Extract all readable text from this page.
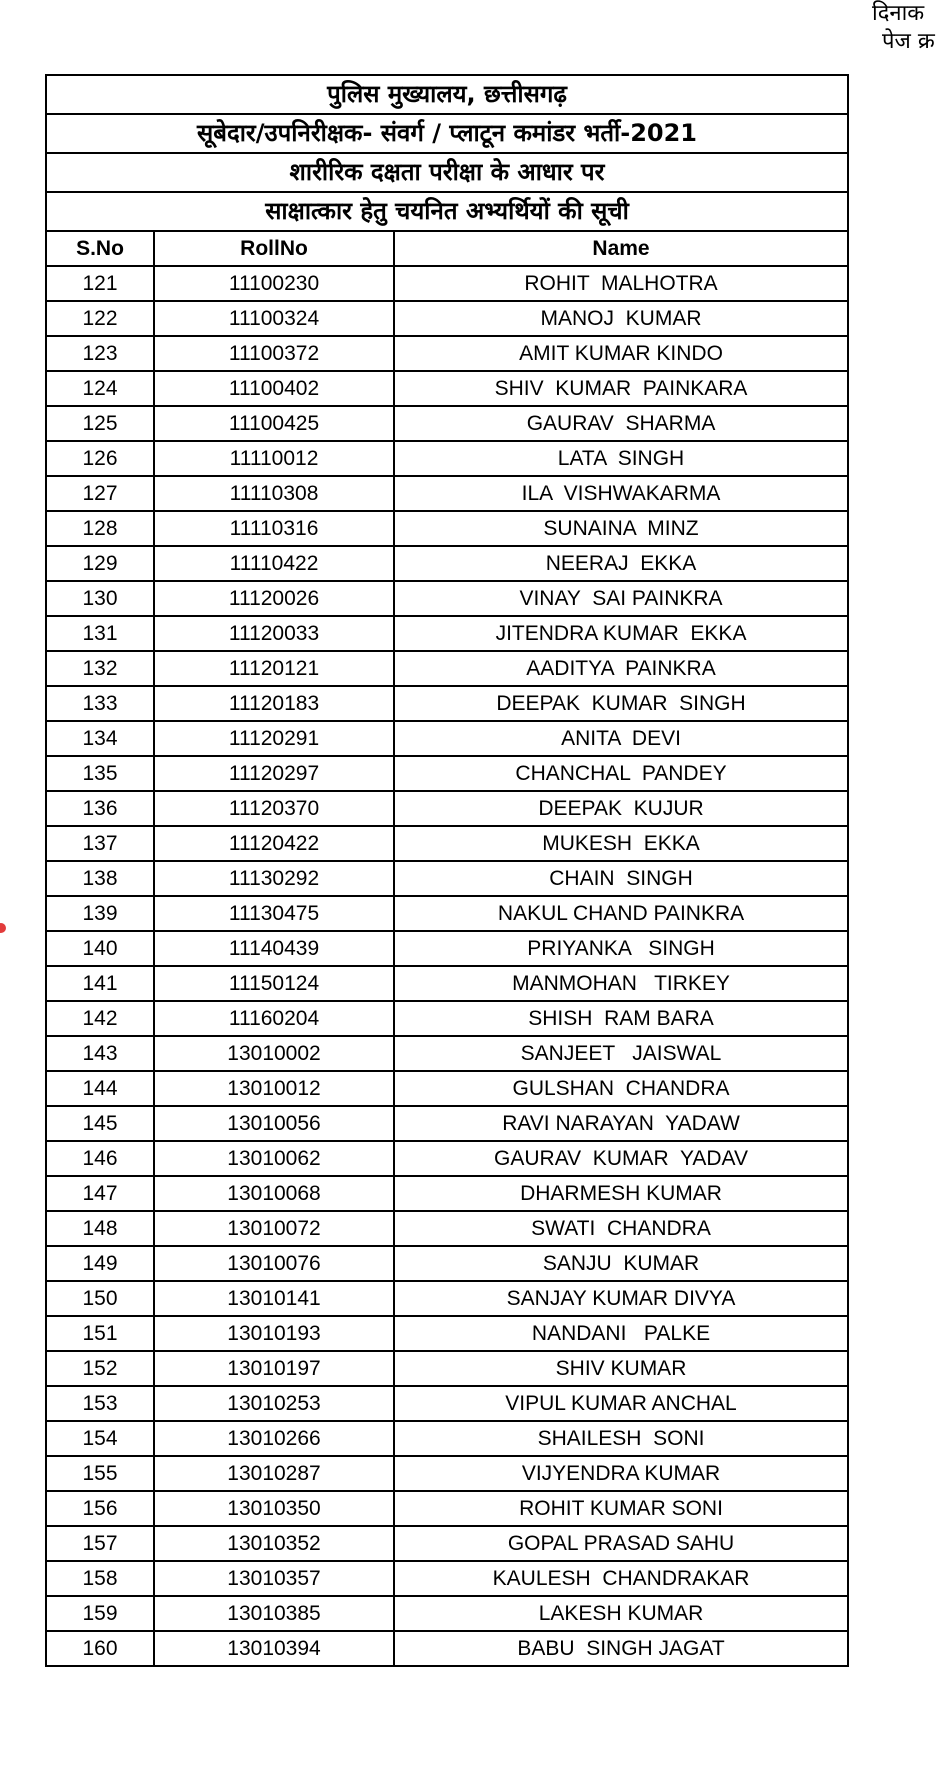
दिनाक
पेज क्र
पुलिस मुख्यालय, छत्तीसगढ़		
सूबेदार/उपनिरीक्षक- संवर्ग / प्लाटून कमांडर भर्ती-2021		
शारीरिक दक्षता परीक्षा के आधार पर		
साक्षात्कार हेतु चयनित अभ्यर्थियों की सूची		
S.No	RollNo	Name
121	11100230	ROHIT  MALHOTRA
122	11100324	MANOJ  KUMAR
123	11100372	AMIT KUMAR KINDO
124	11100402	SHIV  KUMAR  PAINKARA
125	11100425	GAURAV  SHARMA
126	11110012	LATA  SINGH
127	11110308	ILA  VISHWAKARMA
128	11110316	SUNAINA  MINZ
129	11110422	NEERAJ  EKKA
130	11120026	VINAY  SAI PAINKRA
131	11120033	JITENDRA KUMAR  EKKA
132	11120121	AADITYA  PAINKRA
133	11120183	DEEPAK  KUMAR  SINGH
134	11120291	ANITA  DEVI
135	11120297	CHANCHAL  PANDEY
136	11120370	DEEPAK  KUJUR
137	11120422	MUKESH  EKKA
138	11130292	CHAIN  SINGH
139	11130475	NAKUL CHAND PAINKRA
140	11140439	PRIYANKA   SINGH
141	11150124	MANMOHAN   TIRKEY
142	11160204	SHISH  RAM BARA
143	13010002	SANJEET   JAISWAL
144	13010012	GULSHAN  CHANDRA
145	13010056	RAVI NARAYAN  YADAW
146	13010062	GAURAV  KUMAR  YADAV
147	13010068	DHARMESH KUMAR
148	13010072	SWATI  CHANDRA
149	13010076	SANJU  KUMAR
150	13010141	SANJAY KUMAR DIVYA
151	13010193	NANDANI   PALKE
152	13010197	SHIV KUMAR
153	13010253	VIPUL KUMAR ANCHAL
154	13010266	SHAILESH  SONI
155	13010287	VIJYENDRA KUMAR
156	13010350	ROHIT KUMAR SONI
157	13010352	GOPAL PRASAD SAHU
158	13010357	KAULESH  CHANDRAKAR
159	13010385	LAKESH KUMAR
160	13010394	BABU  SINGH JAGAT
